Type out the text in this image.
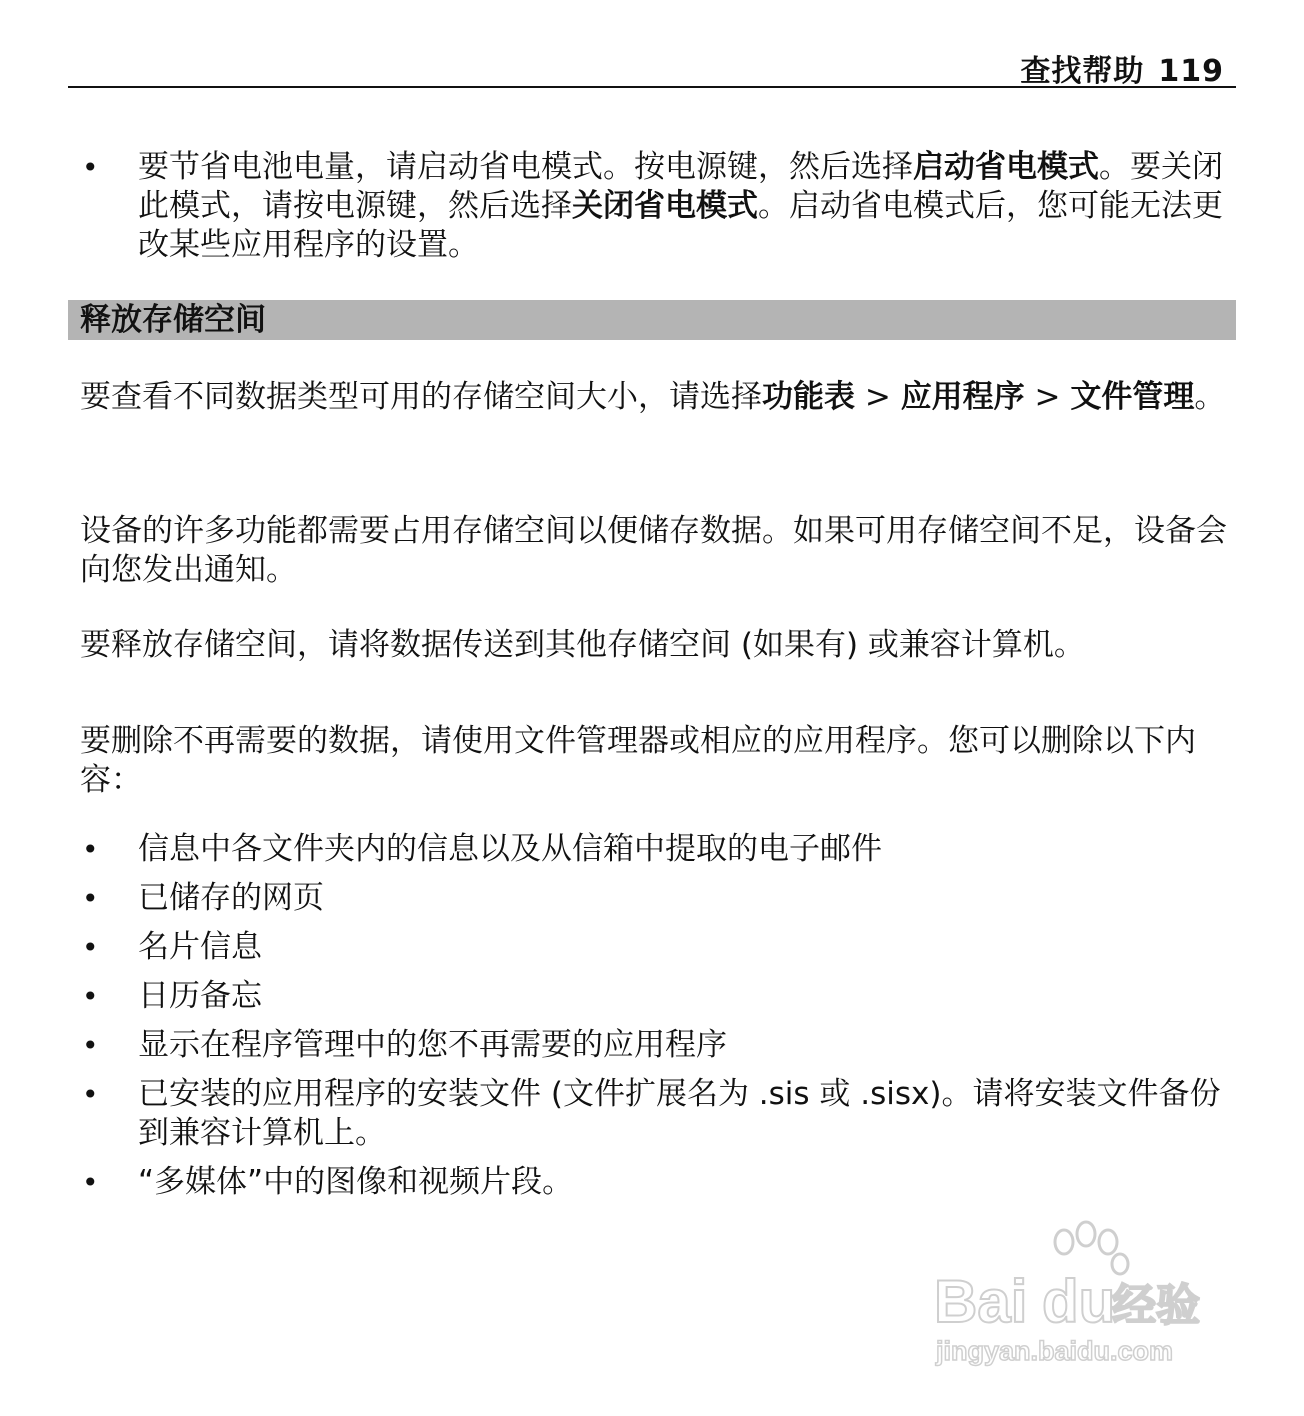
查找帮助 119
• 要节省电池电量，请启动省电模式。按电源键，然后选择启动省电模式。要关闭此模式，请按电源键，然后选择关闭省电模式。启动省电模式后，您可能无法更改某些应用程序的设置。
释放存储空间

要查看不同数据类型可用的存储空间大小，请选择功能表 > 应用程序 > 文件管理。

设备的许多功能都需要占用存储空间以便储存数据。如果可用存储空间不足，设备会向您发出通知。

要释放存储空间，请将数据传送到其他存储空间 (如果有) 或兼容计算机。

要删除不再需要的数据，请使用文件管理器或相应的应用程序。您可以删除以下内容：

• 信息中各文件夹内的信息以及从信箱中提取的电子邮件
• 已储存的网页
• 名片信息
• 日历备忘
• 显示在程序管理中的您不再需要的应用程序
• 已安装的应用程序的安装文件 (文件扩展名为 .sis 或 .sisx)。请将安装文件备份到兼容计算机上。
• “多媒体”中的图像和视频片段。
Bai du
经验
jingyan.baidu.com
